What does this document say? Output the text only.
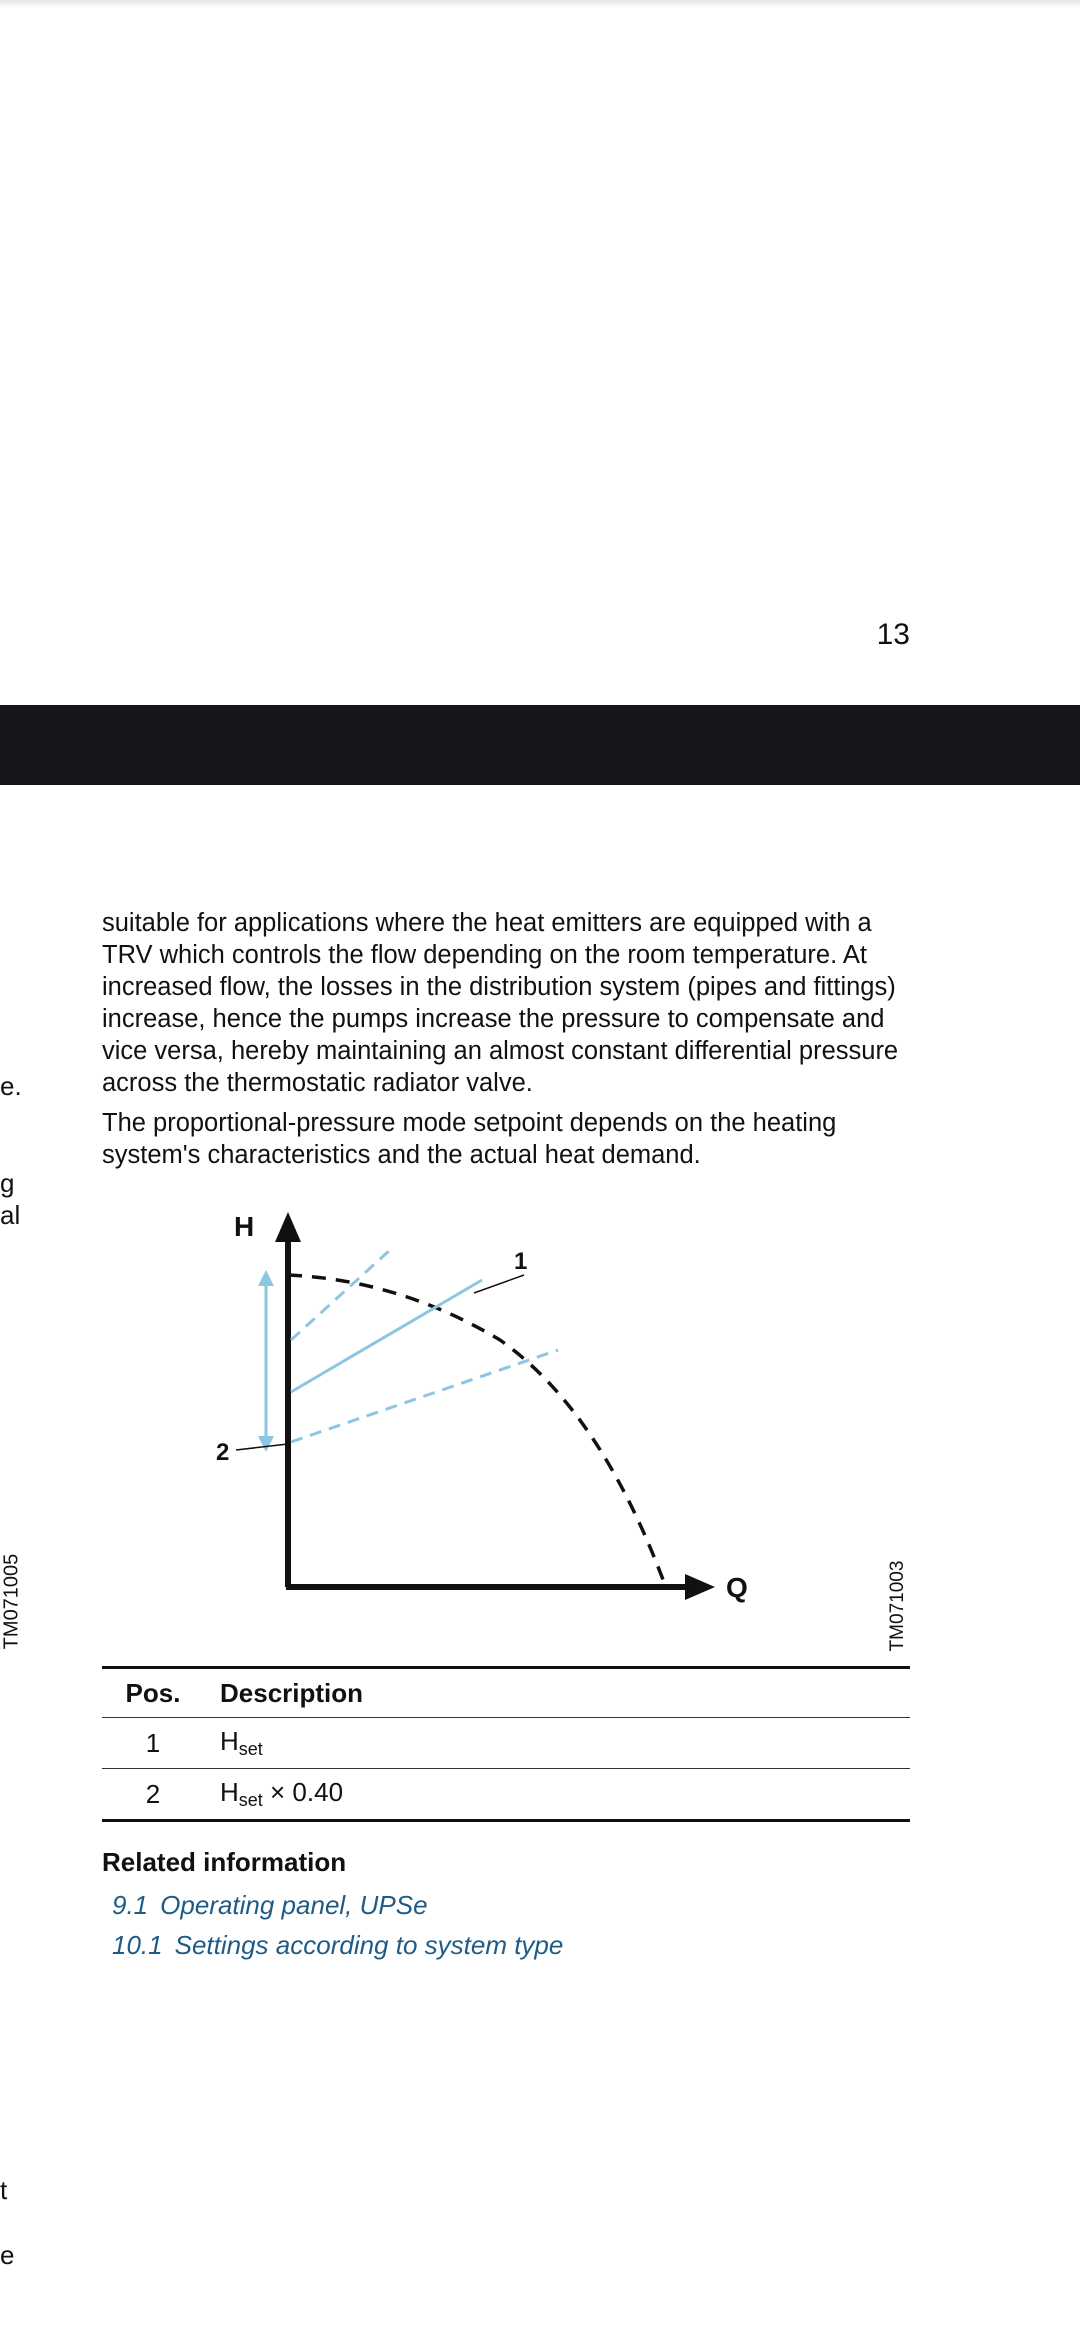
13
e.
g
al
t
e
TM071005

suitable for applications where the heat emitters are equipped with a TRV which controls the flow depending on the room temperature. At increased flow, the losses in the distribution system (pipes and fittings) increase, hence the pumps increase the pressure to compensate and vice versa, hereby maintaining an almost constant differential pressure across the thermostatic radiator valve.

The proportional-pressure mode setpoint depends on the heating system's characteristics and the actual heat demand.

H
Q
1
2
TM071003
Pos.	Description
1	$H_{set}$
2	$H_{set} \times 0.40$
Related information
9.1 Operating panel, UPSe
10.1 Settings according to system type
